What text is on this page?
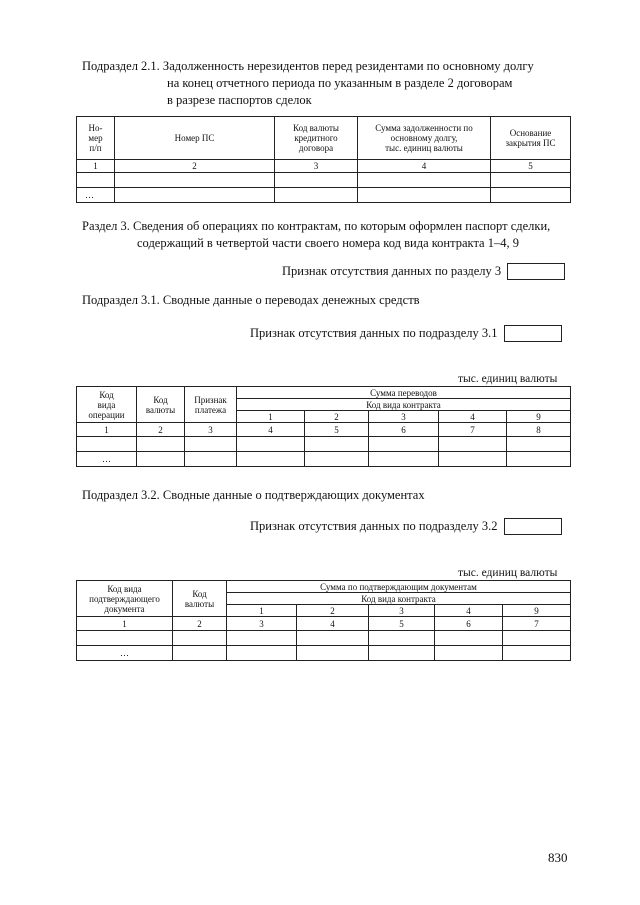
Подраздел 2.1. Задолженность нерезидентов перед резидентами по основному долгу
на конец отчетного периода по указанным в разделе 2 договорам
в разрезе паспортов сделок
Но-
мер
п/п	Номер ПС	Код валюты
кредитного
договора	Сумма задолженности по
основному долгу,
тыс. единиц валюты	Основание
закрытия ПС
1	2	3	4	5

…				
Раздел 3. Сведения об операциях по контрактам, по которым оформлен паспорт сделки,
содержащий в четвертой части своего номера код вида контракта 1–4, 9
Признак отсутствия данных по разделу 3
Подраздел 3.1. Сводные данные о переводах денежных средств
Признак отсутствия данных по подразделу 3.1
тыс. единиц валюты
Код
вида
операции	Код
валюты	Признак
платежа	Сумма переводов				
			Код вида контракта				
			1	2	3	4	9
1	2	3	4	5	6	7	8

…							
Подраздел 3.2. Сводные данные о подтверждающих документах
Признак отсутствия данных по подразделу 3.2
тыс. единиц валюты
Код вида
подтверждающего
документа	Код
валюты	Сумма по подтверждающим документам				
		Код вида контракта				
		1	2	3	4	9
1	2	3	4	5	6	7

…						
830
